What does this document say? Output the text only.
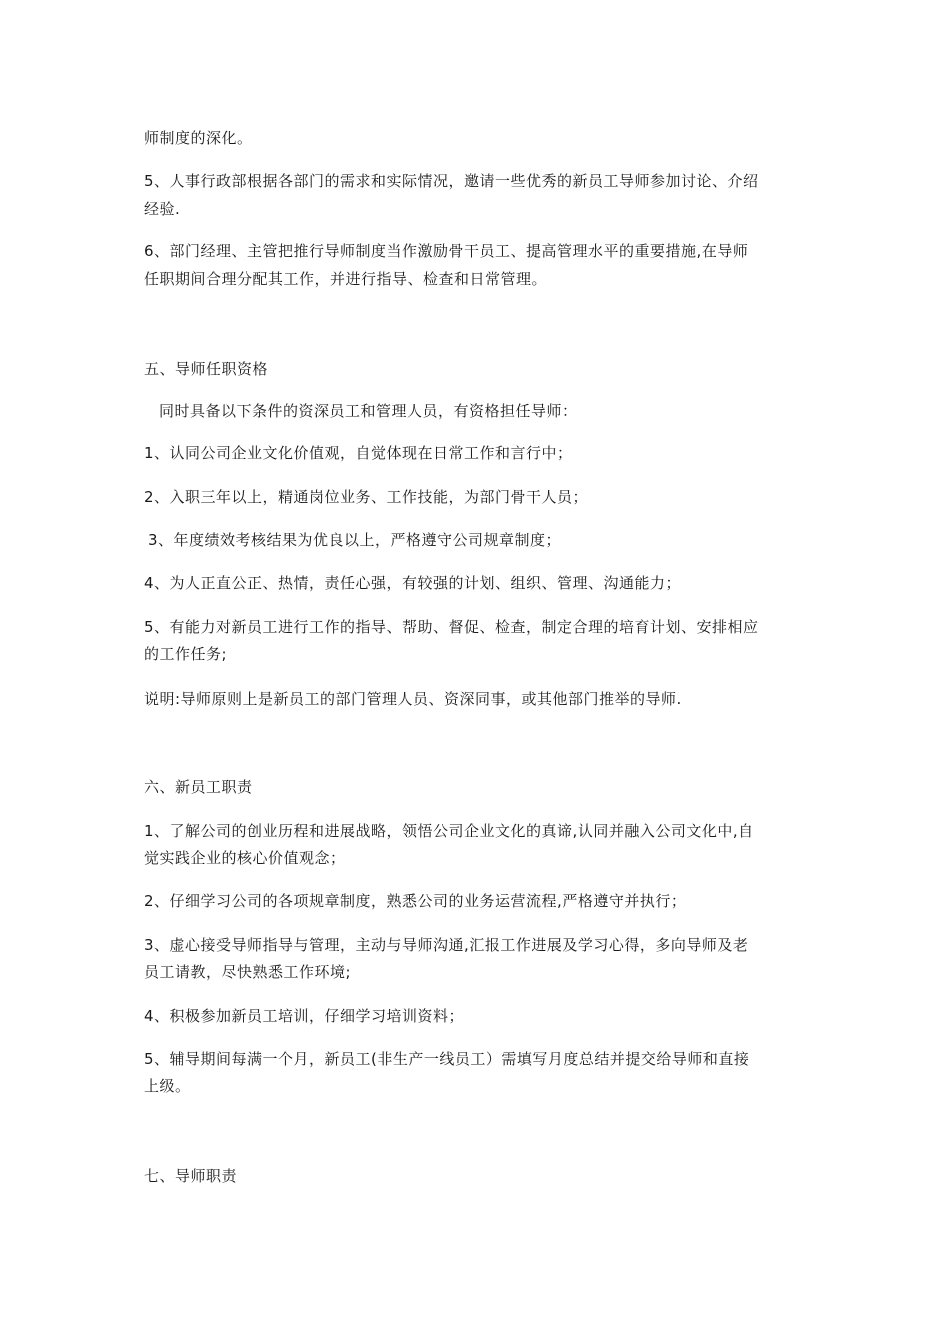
师制度的深化。
5、人事行政部根据各部门的需求和实际情况，邀请一些优秀的新员工导师参加讨论、介绍
经验.
6、部门经理、主管把推行导师制度当作激励骨干员工、提高管理水平的重要措施,在导师
任职期间合理分配其工作，并进行指导、检查和日常管理。
五、导师任职资格
同时具备以下条件的资深员工和管理人员，有资格担任导师：
1、认同公司企业文化价值观，自觉体现在日常工作和言行中；
2、入职三年以上，精通岗位业务、工作技能，为部门骨干人员；
3、年度绩效考核结果为优良以上，严格遵守公司规章制度；
4、为人正直公正、热情，责任心强，有较强的计划、组织、管理、沟通能力；
5、有能力对新员工进行工作的指导、帮助、督促、检查，制定合理的培育计划、安排相应
的工作任务;
说明:导师原则上是新员工的部门管理人员、资深同事，或其他部门推举的导师.
六、新员工职责
1、了解公司的创业历程和进展战略，领悟公司企业文化的真谛,认同并融入公司文化中,自
觉实践企业的核心价值观念；
2、仔细学习公司的各项规章制度，熟悉公司的业务运营流程,严格遵守并执行；
3、虚心接受导师指导与管理，主动与导师沟通,汇报工作进展及学习心得，多向导师及老
员工请教，尽快熟悉工作环境;
4、积极参加新员工培训，仔细学习培训资料；
5、辅导期间每满一个月，新员工(非生产一线员工）需填写月度总结并提交给导师和直接
上级。
七、导师职责
